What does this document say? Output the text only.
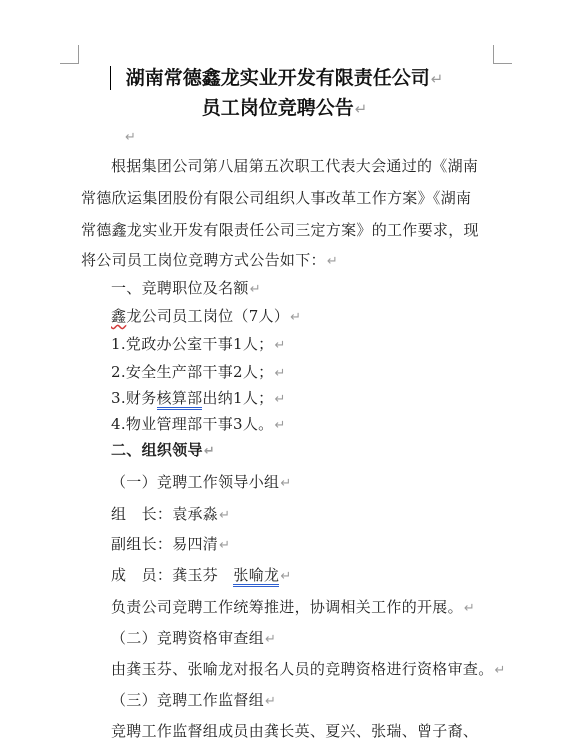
湖南常德鑫龙实业开发有限责任公司↵
员工岗位竞聘公告↵
↵
根据集团公司第八届第五次职工代表大会通过的《湖南
常德欣运集团股份有限公司组织人事改革工作方案》《湖南
常德鑫龙实业开发有限责任公司三定方案》的工作要求，现
将公司员工岗位竞聘方式公告如下：↵
一、竞聘职位及名额↵
鑫龙公司员工岗位（7人）↵
1.党政办公室干事1人；↵
2.安全生产部干事2人；↵
3.财务核算部出纳1人；↵
4.物业管理部干事3人。↵
二、组织领导↵
（一）竞聘工作领导小组↵
组　长：袁承淼↵
副组长：易四清↵
成　员：龚玉芬　 张喻龙↵
负责公司竞聘工作统筹推进，协调相关工作的开展。↵
（二）竞聘资格审查组↵
由龚玉芬、张喻龙对报名人员的竞聘资格进行资格审查。↵
（三）竞聘工作监督组↵
竞聘工作监督组成员由龚长英、夏兴、张瑞、曾子裔、
